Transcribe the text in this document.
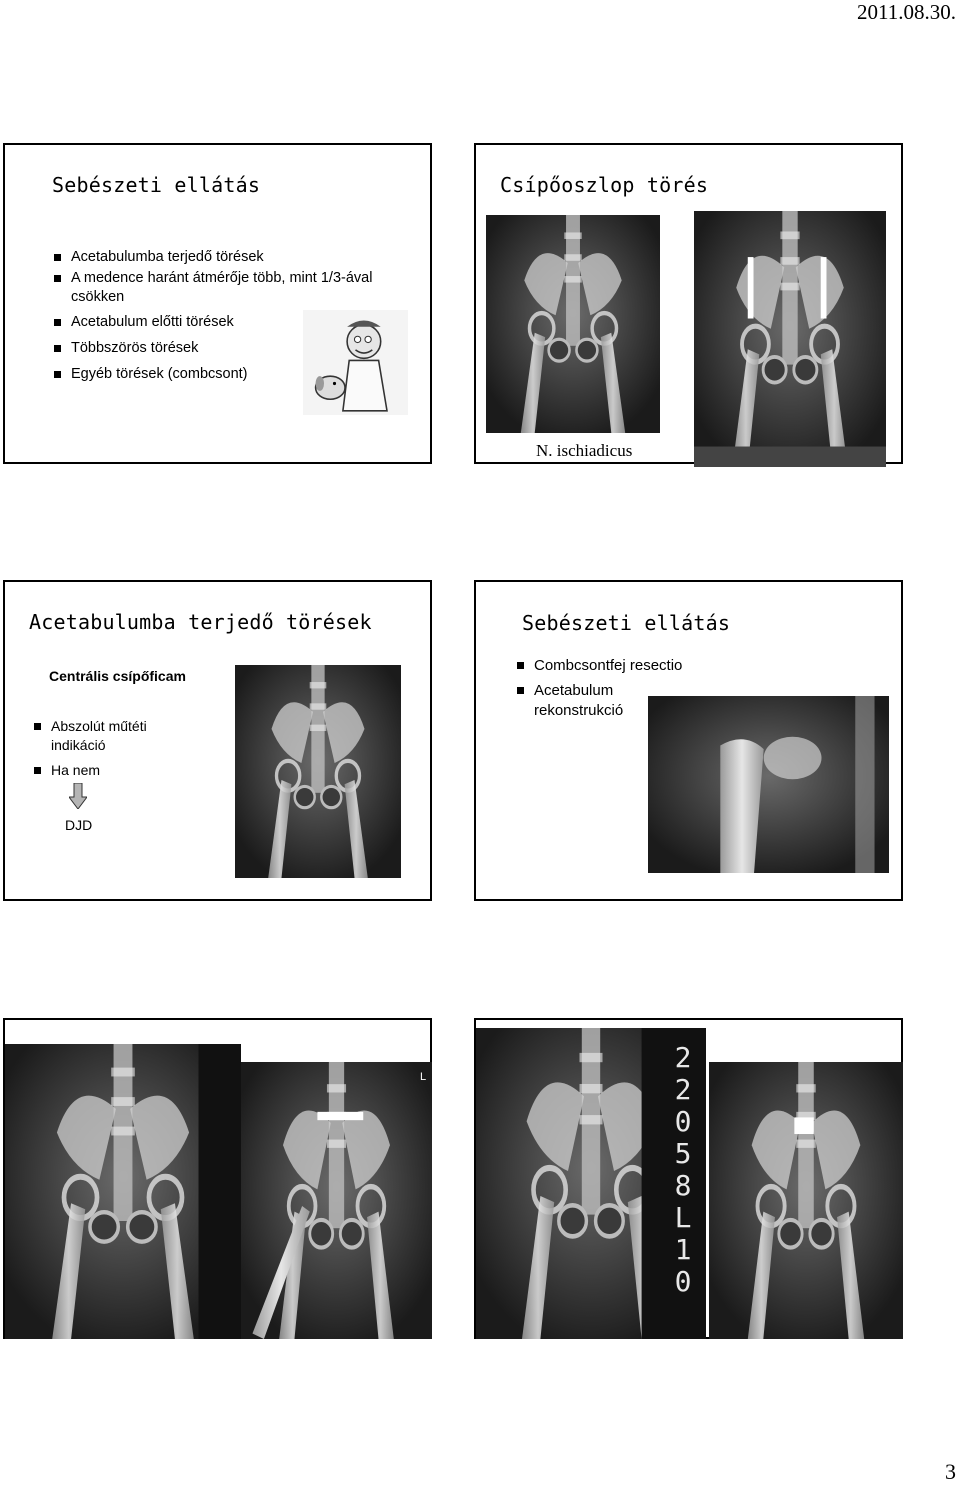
2011.08.30.
Sebészeti ellátás
Acetabulumba terjedő törések
A medence haránt átmérője több, mint 1/3-ával csökken
Acetabulum előtti törések
Többszörös törések
Egyéb törések (combcsont)
Csípőoszlop törés
N. ischiadicus
Acetabulumba terjedő törések
Centrális csípőficam
Abszolút műtéti indikáció
Ha nem
DJD
Sebészeti ellátás
Combcsontfej resectio
Acetabulum rekonstrukció
L
2 2 0 5 8 L 1 0
3
